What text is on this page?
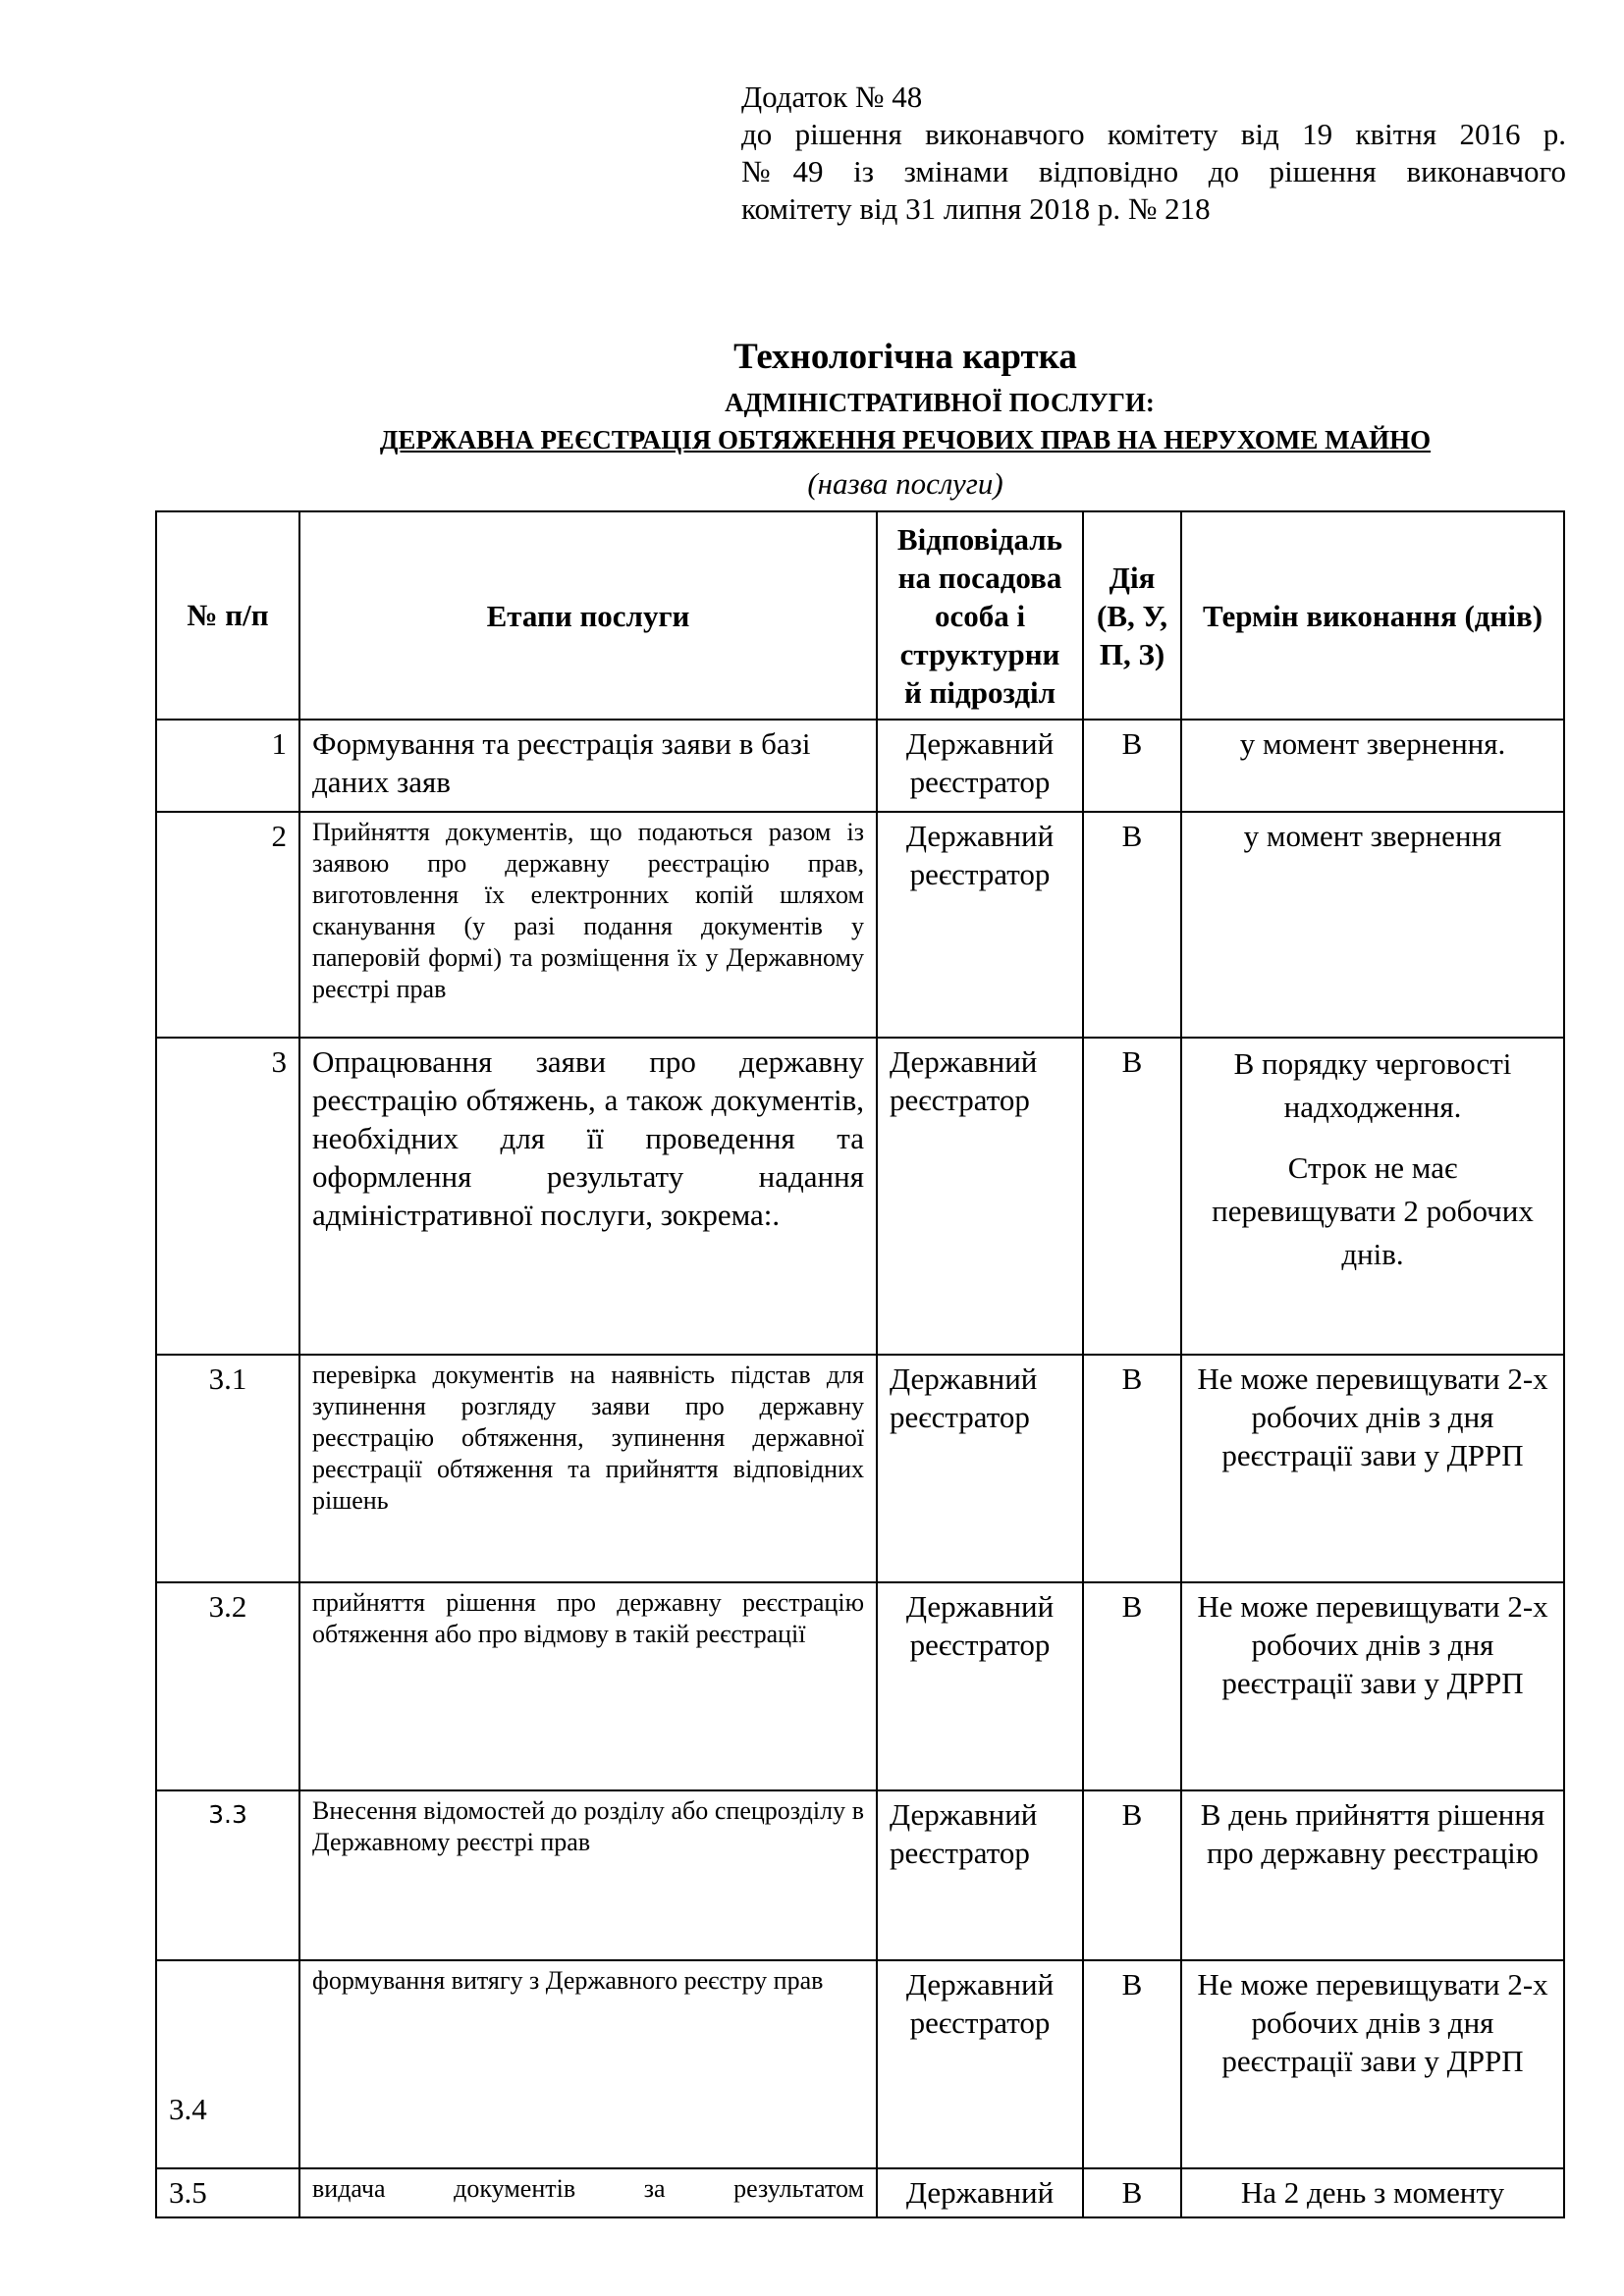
Додаток № 48
до рішення виконавчого комітету від 19 квітня 2016 р.
№49 із змінами відповідно до рішення виконавчого
комітету від 31 липня 2018 р. № 218
Технологічна картка
АДМІНІСТРАТИВНОЇ ПОСЛУГИ:
ДЕРЖАВНА РЕЄСТРАЦІЯ ОБТЯЖЕННЯ РЕЧОВИХ ПРАВ НА НЕРУХОМЕ МАЙНО
(назва послуги)
№ п/п	Етапи послуги	Відповідаль на посадова особа і структурни й підрозділ	Дія (В, У, П, З)	Термін виконання (днів)
1	Формування та реєстрація заяви в базі даних заяв	Державний реєстратор	В	у момент звернення.
2	Прийняття документів, що подаються разом із заявою про державну реєстрацію прав, виготовлення їх електронних копій шляхом сканування (у разі подання документів у паперовій формі) та розміщення їх у Державному реєстрі прав	Державний реєстратор	В	у момент звернення
3	Опрацювання заяви про державну реєстрацію обтяжень, а також документів, необхідних для її проведення та оформлення результату надання адміністративної послуги, зокрема:.	Державний реєстратор	В	В порядку черговості надходження.

Строк не має перевищувати 2 робочих днів.

3.1	перевірка документів на наявність підстав для зупинення розгляду заяви про державну реєстрацію обтяження, зупинення державної реєстрації обтяження та прийняття відповідних рішень	Державний реєстратор	В	Не може перевищувати 2-х робочих днів з дня реєстрації зави у ДРРП
3.2	прийняття рішення про державну реєстрацію обтяження або про відмову в такій реєстрації	Державний реєстратор	В	Не може перевищувати 2-х робочих днів з дня реєстрації зави у ДРРП
3.3	Внесення відомостей до розділу або спецрозділу в Державному реєстрі прав	Державний реєстратор	В	В день прийняття рішення про державну реєстрацію
3.4	формування витягу з Державного реєстру прав	Державний реєстратор	В	Не може перевищувати 2-х робочих днів з дня реєстрації зави у ДРРП
3.5	видача документів за результатом	Державний	В	На 2 день з моменту
